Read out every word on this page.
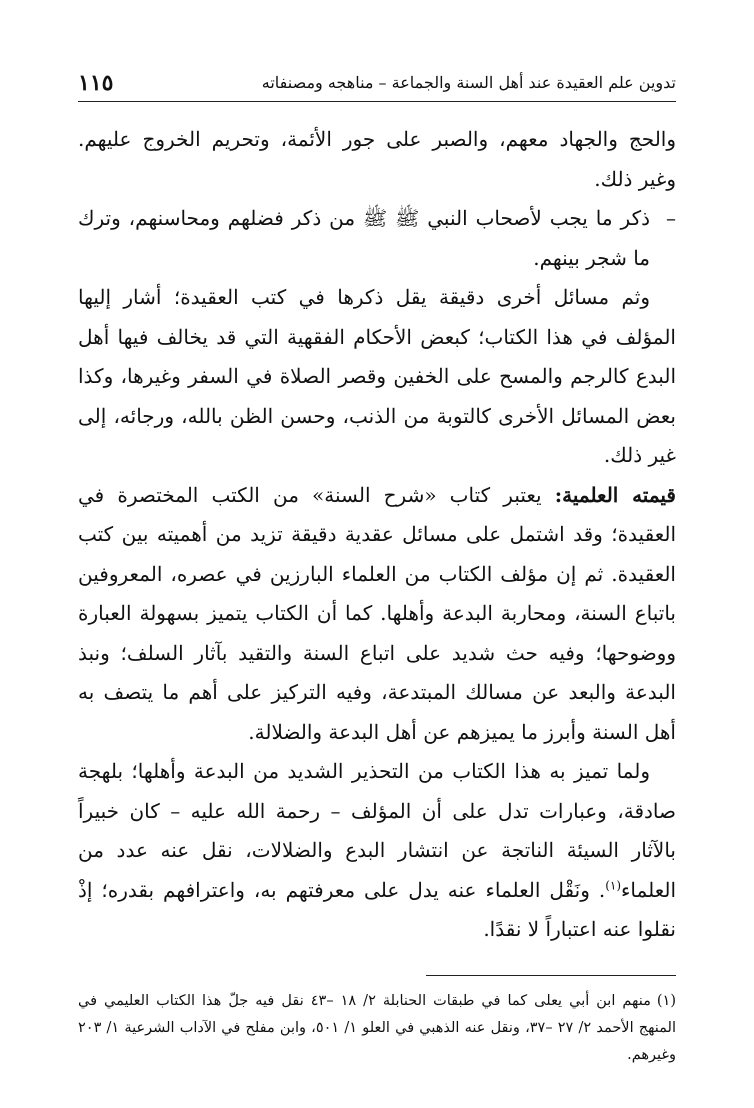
تدوين علم العقيدة عند أهل السنة والجماعة – مناهجه ومصنفاته
١١٥

والحج والجهاد معهم، والصبر على جور الأئمة، وتحريم الخروج عليهم. وغير ذلك.

–
ذكر ما يجب لأصحاب النبي ﷺ ﷺ من ذكر فضلهم ومحاسنهم، وترك ما شجر بينهم.

وثم مسائل أخرى دقيقة يقل ذكرها في كتب العقيدة؛ أشار إليها المؤلف في هذا الكتاب؛ كبعض الأحكام الفقهية التي قد يخالف فيها أهل البدع كالرجم والمسح على الخفين وقصر الصلاة في السفر وغيرها، وكذا بعض المسائل الأخرى كالتوبة من الذنب، وحسن الظن بالله، ورجائه، إلى غير ذلك.

قيمته العلمية: يعتبر كتاب «شرح السنة» من الكتب المختصرة في العقيدة؛ وقد اشتمل على مسائل عقدية دقيقة تزيد من أهميته بين كتب العقيدة. ثم إن مؤلف الكتاب من العلماء البارزين في عصره، المعروفين باتباع السنة، ومحاربة البدعة وأهلها. كما أن الكتاب يتميز بسهولة العبارة ووضوحها؛ وفيه حث شديد على اتباع السنة والتقيد بآثار السلف؛ ونبذ البدعة والبعد عن مسالك المبتدعة، وفيه التركيز على أهم ما يتصف به أهل السنة وأبرز ما يميزهم عن أهل البدعة والضلالة.

ولما تميز به هذا الكتاب من التحذير الشديد من البدعة وأهلها؛ بلهجة صادقة، وعبارات تدل على أن المؤلف – رحمة الله عليه – كان خبيراً بالآثار السيئة الناتجة عن انتشار البدع والضلالات، نقل عنه عدد من العلماء$^{(١)}$. ونَقْل العلماء عنه يدل على معرفتهم به، واعترافهم بقدره؛ إذْ نقلوا عنه اعتباراً لا نقدًا.

(١)منهم ابن أبي يعلى كما في طبقات الحنابلة ٢/ ١٨ –٤٣ نقل فيه جلّ هذا الكتاب العليمي في المنهج الأحمد ٢/ ٢٧ –٣٧، ونقل عنه الذهبي في العلو ١/ ٥٠١، وابن مفلح في الآداب الشرعية ١/ ٢٠٣ وغيرهم.
